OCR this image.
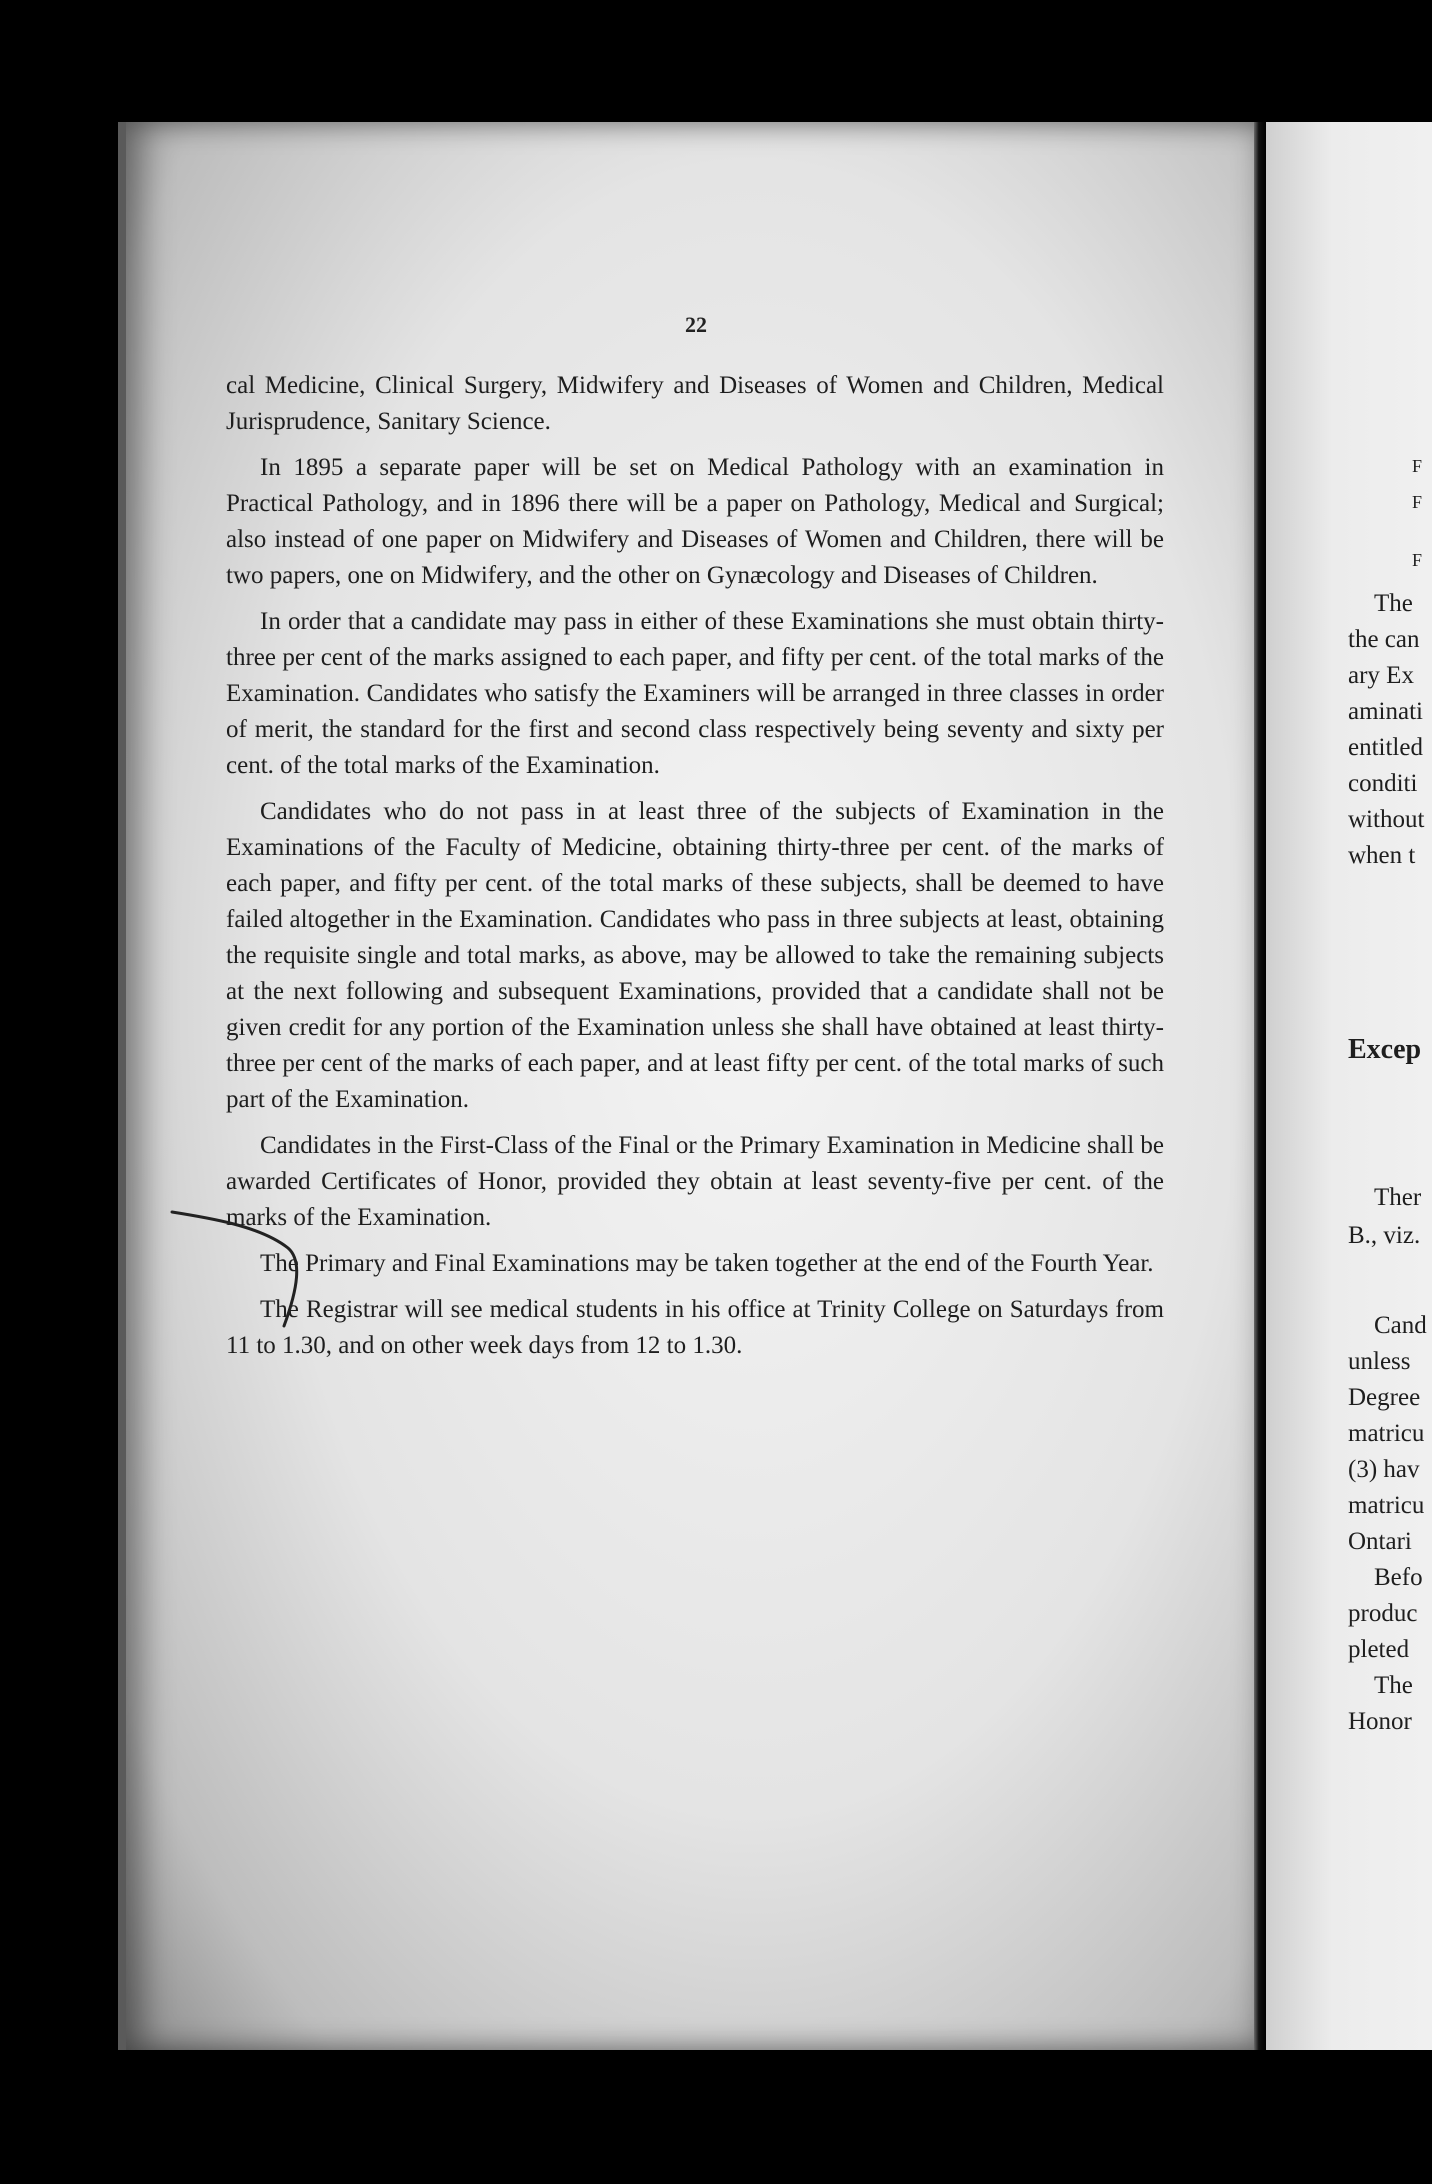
22

cal Medicine, Clinical Surgery, Midwifery and Diseases of Women and Children, Medical Jurisprudence, Sanitary Science.

In 1895 a separate paper will be set on Medical Pathology with an examination in Practical Pathology, and in 1896 there will be a paper on Pathology, Medical and Surgical; also instead of one paper on Midwifery and Diseases of Women and Children, there will be two papers, one on Midwifery, and the other on Gynæcology and Diseases of Children.

In order that a candidate may pass in either of these Examinations she must obtain thirty-three per cent of the marks assigned to each paper, and fifty per cent. of the total marks of the Examination. Candidates who satisfy the Examiners will be arranged in three classes in order of merit, the standard for the first and second class respectively being seventy and sixty per cent. of the total marks of the Examination.

Candidates who do not pass in at least three of the subjects of Examination in the Examinations of the Faculty of Medicine, obtaining thirty-three per cent. of the marks of each paper, and fifty per cent. of the total marks of these subjects, shall be deemed to have failed altogether in the Examination. Candidates who pass in three subjects at least, obtaining the requisite single and total marks, as above, may be allowed to take the remaining subjects at the next following and subsequent Examinations, provided that a candidate shall not be given credit for any portion of the Examination unless she shall have obtained at least thirty-three per cent of the marks of each paper, and at least fifty per cent. of the total marks of such part of the Examination.

Candidates in the First-Class of the Final or the Primary Examination in Medicine shall be awarded Certificates of Honor, provided they obtain at least seventy-five per cent. of the marks of the Examination.

The Primary and Final Examinations may be taken together at the end of the Fourth Year.

The Registrar will see medical students in his office at Trinity College on Saturdays from 11 to 1.30, and on other week days from 12 to 1.30.

F
F
F
The
the can
ary Ex
aminati
entitled
conditi
without
when t
Excep
Ther
B., viz.
Cand
unless
Degree
matricu
(3) hav
matricu
Ontari
Befo
produc
pleted
The
Honor
